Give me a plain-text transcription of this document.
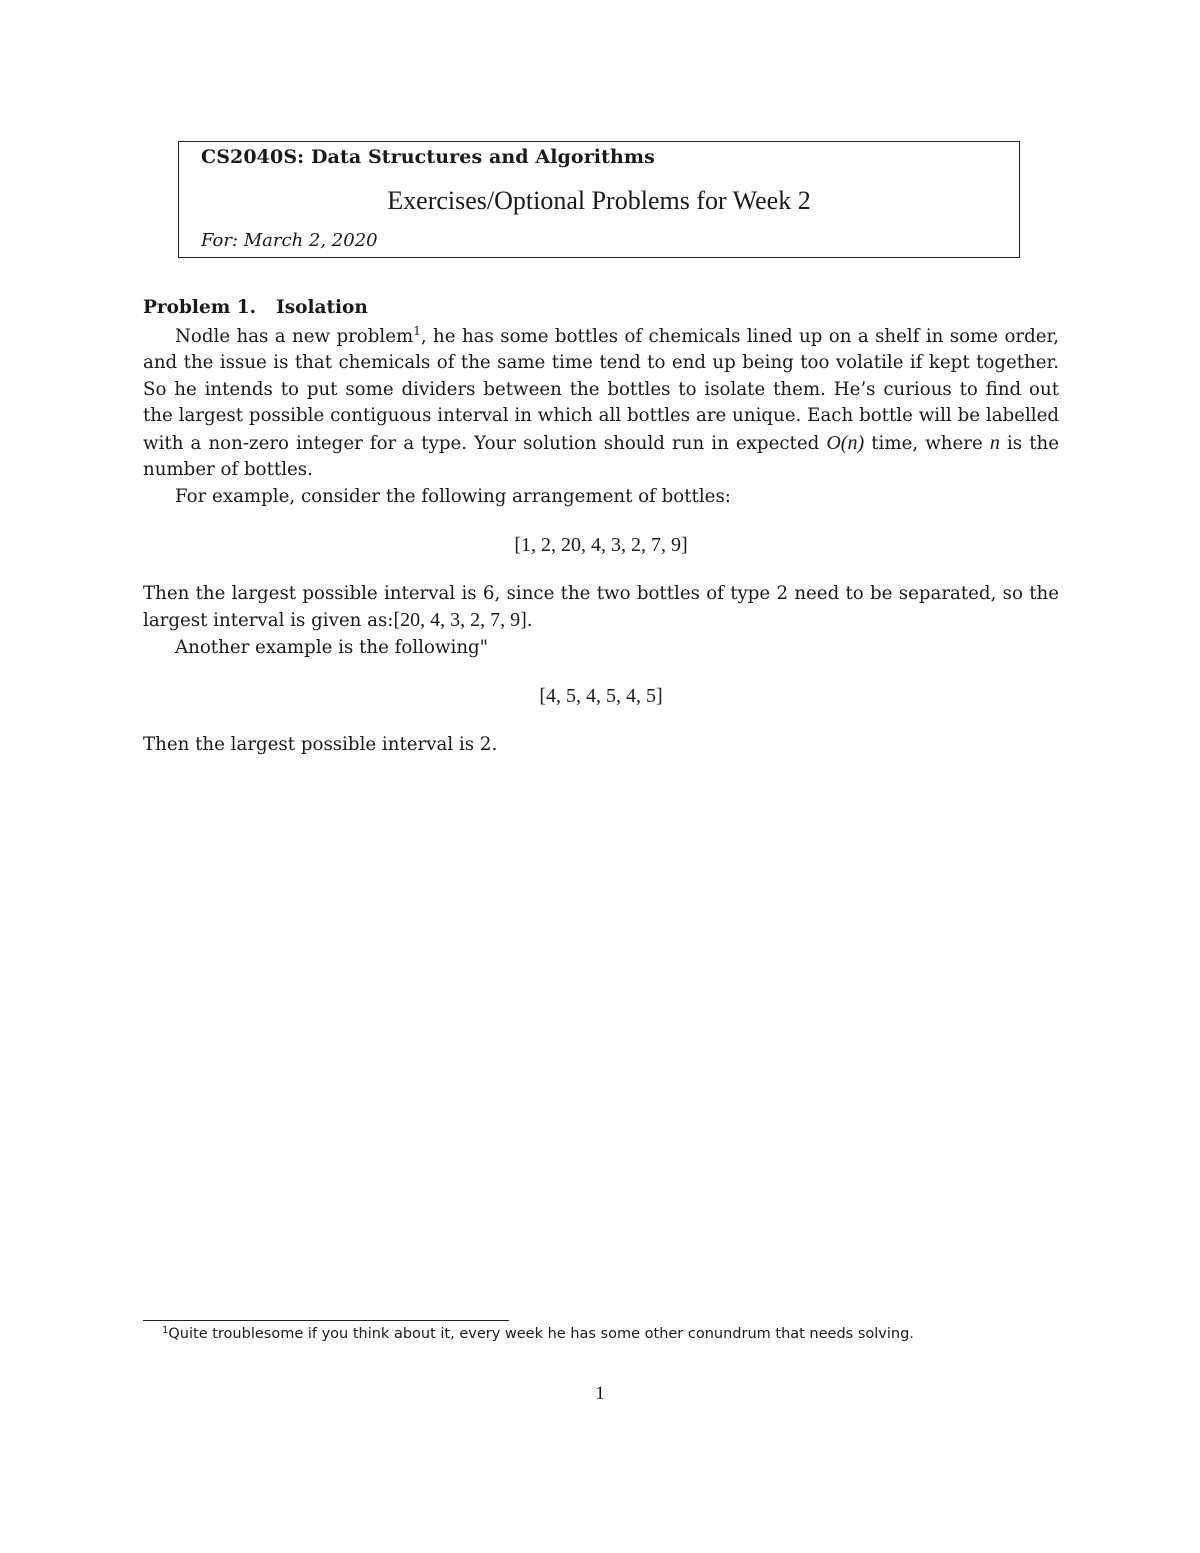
CS2040S: Data Structures and Algorithms
Exercises/Optional Problems for Week 2
For: March 2, 2020
Problem 1. Isolation

Nodle has a new problem$^1$, he has some bottles of chemicals lined up on a shelf in some order, and the issue is that chemicals of the same time tend to end up being too volatile if kept together. So he intends to put some dividers between the bottles to isolate them. He’s curious to find out the largest possible contiguous interval in which all bottles are unique. Each bottle will be labelled with a non-zero integer for a type. Your solution should run in expected O(n) time, where n is the number of bottles.

For example, consider the following arrangement of bottles:

[1, 2, 20, 4, 3, 2, 7, 9]

Then the largest possible interval is 6, since the two bottles of type 2 need to be separated, so the largest interval is given as:[20, 4, 3, 2, 7, 9].

Another example is the following"

[4, 5, 4, 5, 4, 5]

Then the largest possible interval is 2.

$^1$Quite troublesome if you think about it, every week he has some other conundrum that needs solving.
1
